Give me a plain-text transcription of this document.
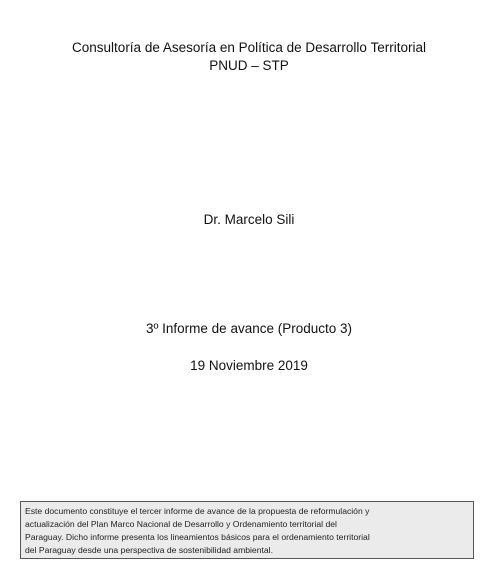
Consultoría de Asesoría en Política de Desarrollo Territorial
PNUD – STP
Dr. Marcelo Sili
3º Informe de avance (Producto 3)
19 Noviembre 2019
Este documento constituye el tercer informe de avance de la propuesta de reformulación y
actualización del Plan Marco Nacional de Desarrollo y Ordenamiento territorial del
Paraguay. Dicho informe presenta los lineamientos básicos para el ordenamiento territorial
del Paraguay desde una perspectiva de sostenibilidad ambiental.
